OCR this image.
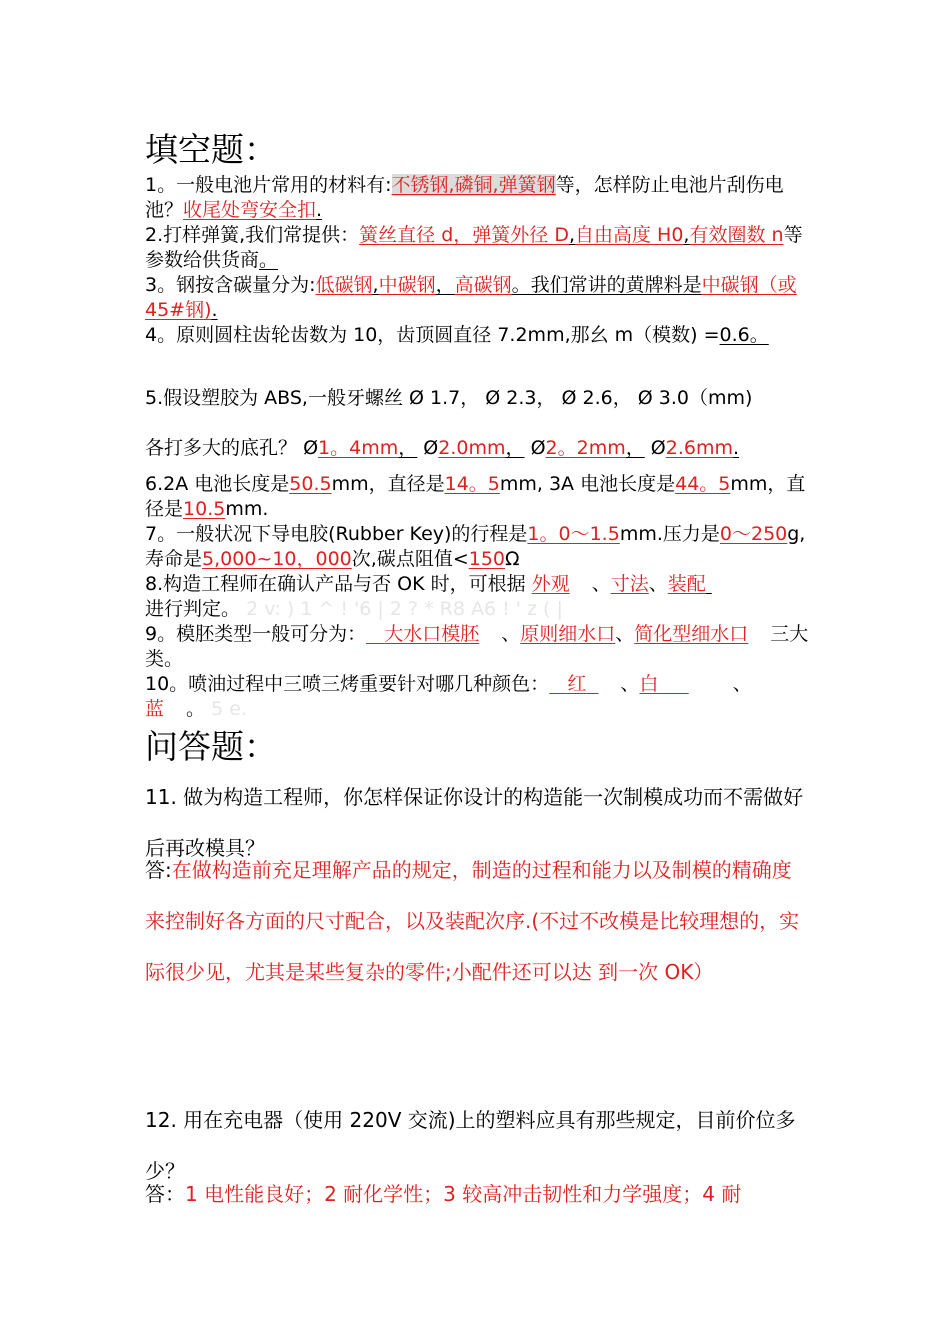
填空题：

1。一般电池片常用的材料有:不锈钢,磷铜,弹簧钢等，怎样防止电池片刮伤电池？收尾处弯安全扣.

2.打样弹簧,我们常提供：簧丝直径 d，弹簧外径 D,自由高度 H0,有效圈数 n等参数给供货商。

3。钢按含碳量分为:低碳钢,中碳钢，高碳钢。我们常讲的黄牌料是中碳钢（或 45#钢).

4。原则圆柱齿轮齿数为 10，齿顶圆直径 7.2mm,那幺 m（模数) =0.6。

5.假设塑胶为 ABS,一般牙螺丝 Ø 1.7， Ø 2.3， Ø 2.6， Ø 3.0（mm)

各打多大的底孔？ Ø1。4mm， Ø2.0mm， Ø2。2mm， Ø2.6mm.

6.2A 电池长度是50.5mm，直径是14。5mm, 3A 电池长度是44。5mm，直径是10.5mm.

7。一般状况下导电胶(Rubber Key)的行程是1。0～1.5mm.压力是0～250g,寿命是5,000~10，000次,碳点阻值<150Ω

8.构造工程师在确认产品与否 OK 时，可根据 外观 、寸法、装配
进行判定。 2 v: ) 1 ^ ! '6 | 2 ? * R8 A6 ! ' z ( |

9。模胚类型一般可分为： 大水口模胚 、原则细水口、简化型细水口 三大类。

10。喷油过程中三喷三烤重要针对哪几种颜色： 红 、白	、
蓝 。 5 e.

问答题：

11. 做为构造工程师，你怎样保证你设计的构造能一次制模成功而不需做好后再改模具？

答:在做构造前充足理解产品的规定，制造的过程和能力以及制模的精确度来控制好各方面的尺寸配合，以及装配次序.(不过不改模是比较理想的，实际很少见，尤其是某些复杂的零件;小配件还可以达 到一次 OK）

12. 用在充电器（使用 220V 交流)上的塑料应具有那些规定，目前价位多少？

答：1 电性能良好；2 耐化学性；3 较高冲击韧性和力学强度；4 耐
